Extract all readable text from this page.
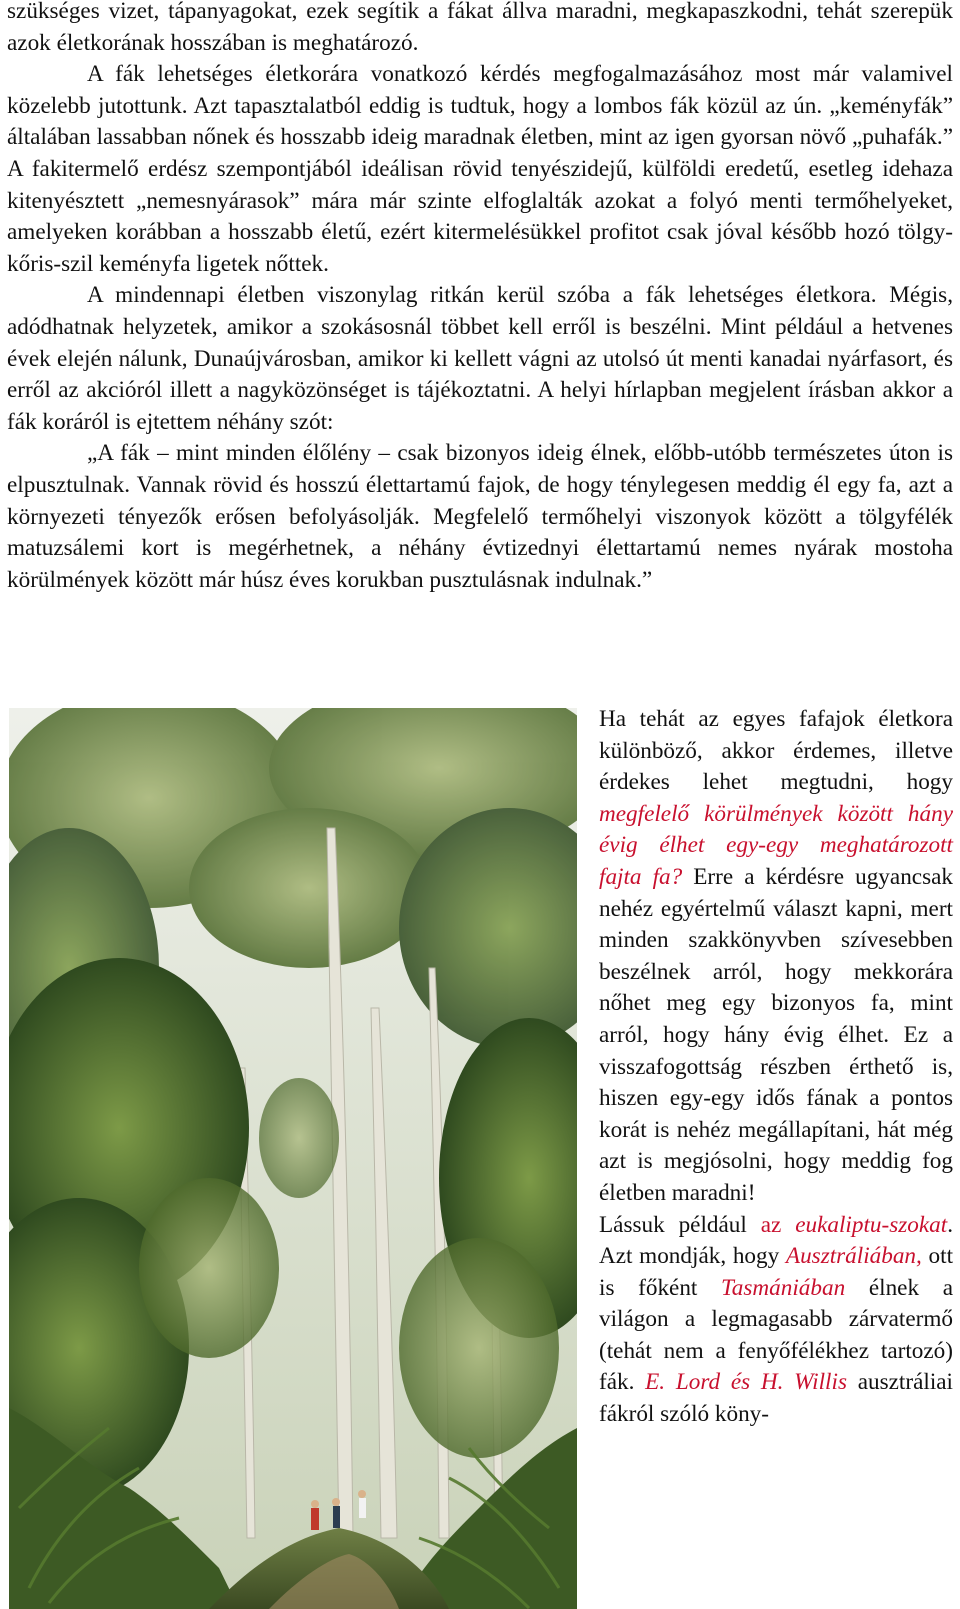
szükséges vizet, tápanyagokat, ezek segítik a fákat állva maradni, megkapaszkodni, tehát szerepük azok életkorának hosszában is meghatározó.

A fák lehetséges életkorára vonatkozó kérdés megfogalmazásához most már valamivel közelebb jutottunk. Azt tapasztalatból eddig is tudtuk, hogy a lombos fák közül az ún. „keményfák” általában lassabban nőnek és hosszabb ideig maradnak életben, mint az igen gyorsan növő „puhafák.” A fakitermelő erdész szempontjából ideálisan rövid tenyészidejű, külföldi eredetű, esetleg idehaza kitenyésztett „nemesnyárasok” mára már szinte elfoglalták azokat a folyó menti termőhelyeket, amelyeken korábban a hosszabb életű, ezért kitermelésükkel profitot csak jóval később hozó tölgy-kőris-szil keményfa ligetek nőttek.

A mindennapi életben viszonylag ritkán kerül szóba a fák lehetséges életkora. Mégis, adódhatnak helyzetek, amikor a szokásosnál többet kell erről is beszélni. Mint például a hetvenes évek elején nálunk, Dunaújvárosban, amikor ki kellett vágni az utolsó út menti kanadai nyárfasort, és erről az akcióról illett a nagyközönséget is tájékoztatni. A helyi hírlapban megjelent írásban akkor a fák koráról is ejtettem néhány szót:

„A fák – mint minden élőlény – csak bizonyos ideig élnek, előbb-utóbb természetes úton is elpusztulnak. Vannak rövid és hosszú élettartamú fajok, de hogy ténylegesen meddig él egy fa, azt a környezeti tényezők erősen befolyásolják. Megfelelő termőhelyi viszonyok között a tölgyfélék matuzsálemi kort is megérhetnek, a néhány évtizednyi élettartamú nemes nyárak mostoha körülmények között már húsz éves korukban pusztulásnak indulnak.”

Ha tehát az egyes fafajok életkora különböző, akkor érdemes, illetve érdekes lehet megtudni, hogy megfelelő körülmények között hány évig élhet egy-egy meghatározott fajta fa? Erre a kérdésre ugyancsak nehéz egyértelmű választ kapni, mert minden szakkönyvben szívesebben beszélnek arról, hogy mekkorára nőhet meg egy bizonyos fa, mint arról, hogy hány évig élhet. Ez a visszafogottság részben érthető is, hiszen egy-egy idős fának a pontos korát is nehéz megállapítani, hát még azt is megjósolni, hogy meddig fog életben maradni!

Lássuk például az eukaliptu-szokat. Azt mondják, hogy Ausztráliában, ott is főként Tasmániában élnek a világon a legmagasabb zárvatermő (tehát nem a fenyőfélékhez tartozó) fák. E. Lord és H. Willis ausztráliai fákról szóló köny-
